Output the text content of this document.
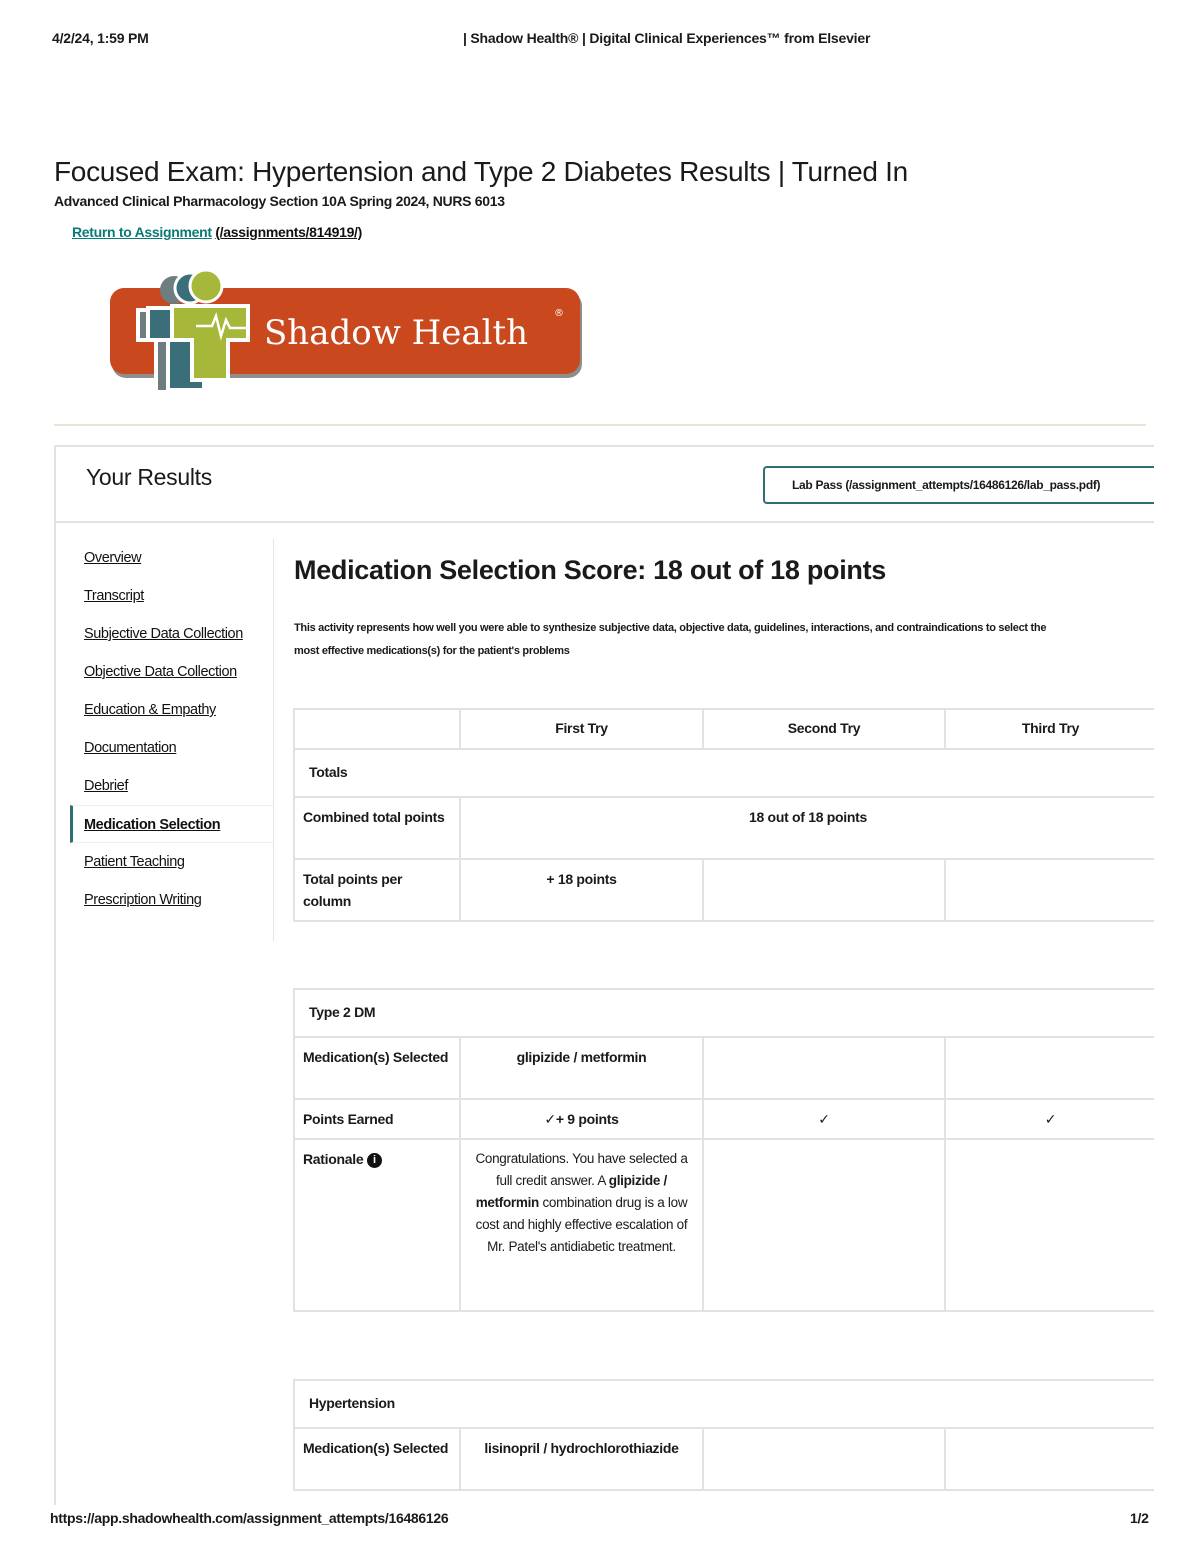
4/2/24, 1:59 PM	| Shadow Health® | Digital Clinical Experiences™ from Elsevier
Focused Exam: Hypertension and Type 2 Diabetes Results | Turned In
Advanced Clinical Pharmacology Section 10A Spring 2024, NURS 6013
Return to Assignment (/assignments/814919/)
Shadow Health	®
Your Results	Lab Pass (/assignment_attempts/16486126/lab_pass.pdf)
Overview
Transcript
Subjective Data Collection
Objective Data Collection
Education & Empathy
Documentation
Debrief
Medication Selection
Patient Teaching
Prescription Writing
Medication Selection Score: 18 out of 18 points
This activity represents how well you were able to synthesize subjective data, objective data, guidelines, interactions, and contraindications to select the
most effective medications(s) for the patient's problems
	First Try	Second Try	Third Try
Totals			
Combined total points	18 out of 18 points		
Total points per column	+ 18 points		
Type 2 DM			
Medication(s) Selected	glipizide / metformin		
Points Earned	✓+ 9 points	✓	✓
Rationale i	Congratulations. You have selected a full credit answer. A glipizide / metformin combination drug is a low cost and highly effective escalation of Mr. Patel's antidiabetic treatment.		
Hypertension
Medication(s) Selected	lisinopril / hydrochlorothiazide		
https://app.shadowhealth.com/assignment_attempts/16486126	1/2
